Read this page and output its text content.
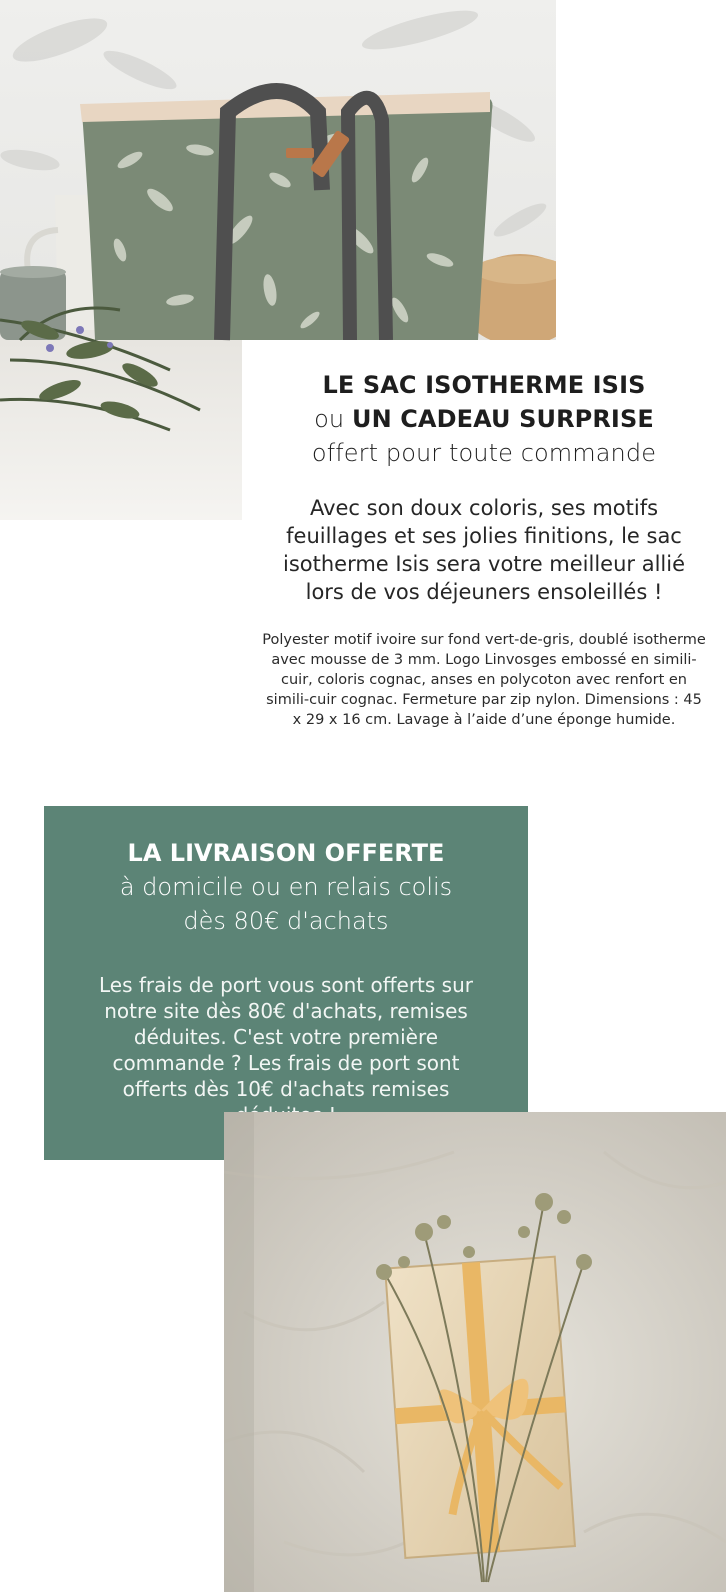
LE SAC ISOTHERME ISIS
ou UN CADEAU SURPRISE
offert pour toute commande
Avec son doux coloris, ses motifs feuillages et ses jolies finitions, le sac isotherme Isis sera votre meilleur allié lors de vos déjeuners ensoleillés !
Polyester motif ivoire sur fond vert-de-gris, doublé isotherme avec mousse de 3 mm. Logo Linvosges embossé en simili-cuir, coloris cognac, anses en polycoton avec renfort en simili-cuir cognac. Fermeture par zip nylon. Dimensions : 45 x 29 x 16 cm. Lavage à l’aide d’une éponge humide.
LA LIVRAISON OFFERTE
à domicile ou en relais colis
dès 80€ d'achats
Les frais de port vous sont offerts sur notre site dès 80€ d'achats, remises déduites. C'est votre première commande ? Les frais de port sont offerts dès 10€ d'achats remises
